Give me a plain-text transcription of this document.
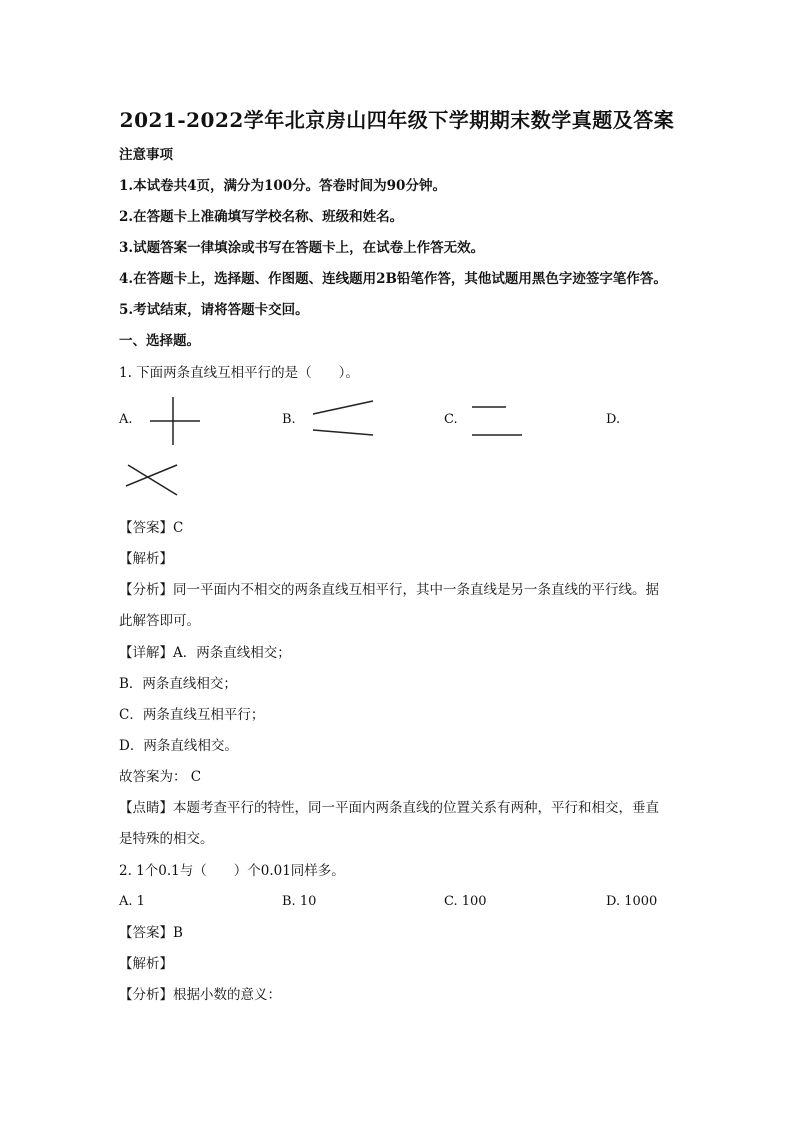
2021-2022学年北京房山四年级下学期期末数学真题及答案
注意事项
1.本试卷共4页，满分为100分。答卷时间为90分钟。
2.在答题卡上准确填写学校名称、班级和姓名。
3.试题答案一律填涂或书写在答题卡上，在试卷上作答无效。
4.在答题卡上，选择题、作图题、连线题用2B铅笔作答，其他试题用黑色字迹签字笔作答。
5.考试结束，请将答题卡交回。
一、选择题。
1. 下面两条直线互相平行的是（　　）。
A.	B.	C.	D.
【答案】C
【解析】
【分析】同一平面内不相交的两条直线互相平行，其中一条直线是另一条直线的平行线。据
此解答即可。
【详解】A．两条直线相交；
B．两条直线相交；
C．两条直线互相平行；
D．两条直线相交。
故答案为： C
【点睛】本题考查平行的特性，同一平面内两条直线的位置关系有两种，平行和相交，垂直
是特殊的相交。
2. 1个0.1与（　　）个0.01同样多。
A. 1	B. 10	C. 100	D. 1000
【答案】B
【解析】
【分析】根据小数的意义：
